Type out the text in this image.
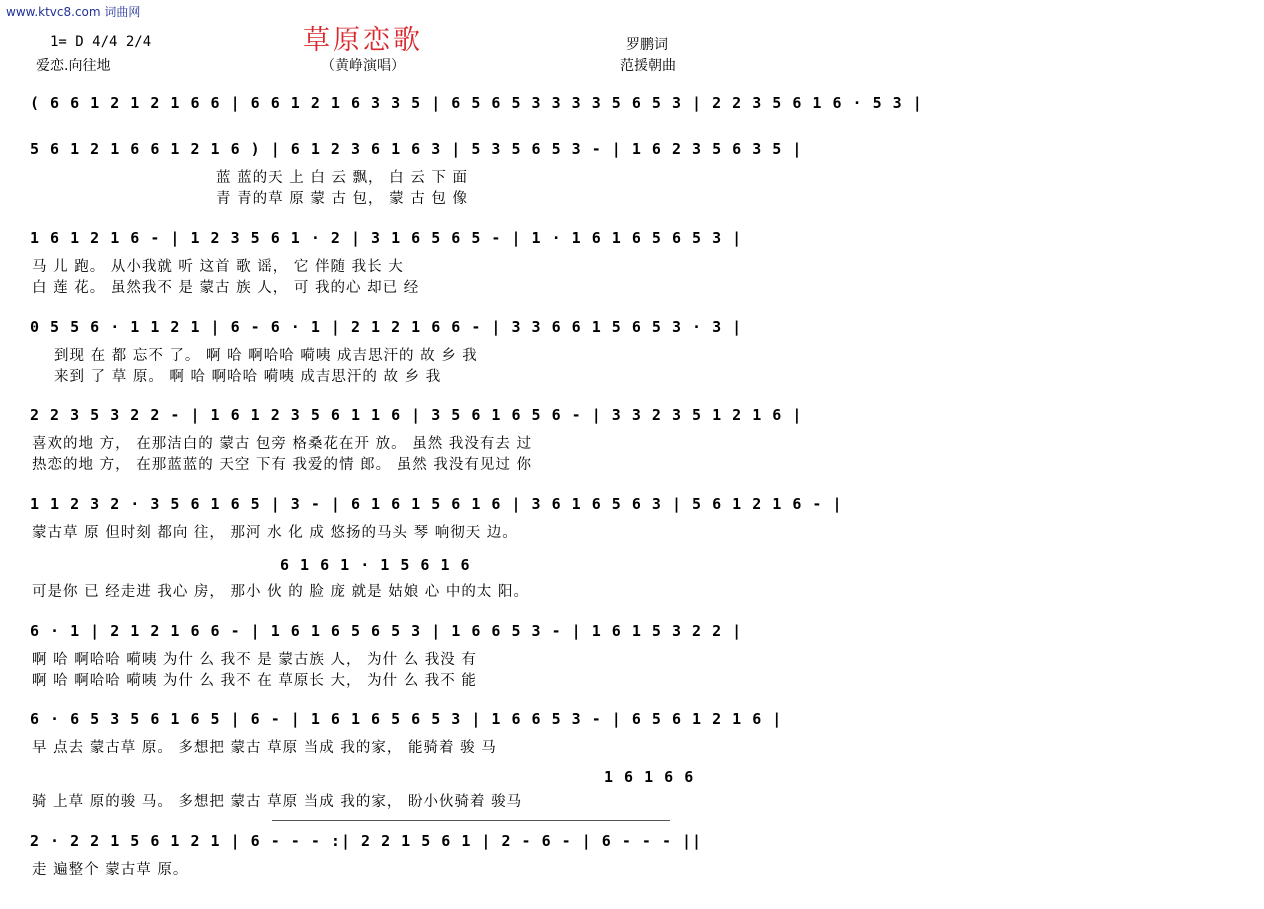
www.ktvc8.com 词曲网
草原恋歌
（黄峥演唱）
1= D 4/4 2/4
爱恋.向往地
罗鹏词
范援朝曲
( 6 6 1 2 1 2 1 6 6 | 6 6 1 2 1 6 3 3 5 | 6 5 6 5 3 3 3 3 5 6 5 3 | 2 2 3 5 6 1 6 · 5 3 |
5 6 1 2 1 6 6 1 2 1 6 ) | 6 1 2 3 6 1 6 3 | 5 3 5 6 5 3 - | 1 6 2 3 5 6 3 5 |
蓝 蓝的天 上 白 云 飘， 白 云 下 面
青 青的草 原 蒙 古 包， 蒙 古 包 像
1 6 1 2 1 6 - | 1 2 3 5 6 1 · 2 | 3 1 6 5 6 5 - | 1 · 1 6 1 6 5 6 5 3 |
马 儿 跑。 从小我就 听 这首 歌 谣， 它 伴随 我长 大
白 莲 花。 虽然我不 是 蒙古 族 人， 可 我的心 却已 经
0 5 5 6 · 1 1 2 1 | 6 - 6 · 1 | 2 1 2 1 6 6 - | 3 3 6 6 1 5 6 5 3 · 3 |
到现 在 都 忘不 了。 啊 哈 啊哈哈 嗬咦 成吉思汗的 故 乡 我
来到 了 草 原。 啊 哈 啊哈哈 嗬咦 成吉思汗的 故 乡 我
2 2 3 5 3 2 2 - | 1 6 1 2 3 5 6 1 1 6 | 3 5 6 1 6 5 6 - | 3 3 2 3 5 1 2 1 6 |
喜欢的地 方， 在那洁白的 蒙古 包旁 格桑花在开 放。 虽然 我没有去 过
热恋的地 方， 在那蓝蓝的 天空 下有 我爱的情 郎。 虽然 我没有见过 你
1 1 2 3 2 · 3 5 6 1 6 5 | 3 - | 6 1 6 1 5 6 1 6 | 3 6 1 6 5 6 3 | 5 6 1 2 1 6 - |
蒙古草 原 但时刻 都向 往， 那河 水 化 成 悠扬的马头 琴 响彻天 边。
6 1 6 1 · 1 5 6 1 6
可是你 已 经走进 我心 房， 那小 伙 的 脸 庞 就是 姑娘 心 中的太 阳。
6 · 1 | 2 1 2 1 6 6 - | 1 6 1 6 5 6 5 3 | 1 6 6 5 3 - | 1 6 1 5 3 2 2 |
啊 哈 啊哈哈 嗬咦 为什 么 我不 是 蒙古族 人， 为什 么 我没 有
啊 哈 啊哈哈 嗬咦 为什 么 我不 在 草原长 大， 为什 么 我不 能
6 · 6 5 3 5 6 1 6 5 | 6 - | 1 6 1 6 5 6 5 3 | 1 6 6 5 3 - | 6 5 6 1 2 1 6 |
早 点去 蒙古草 原。 多想把 蒙古 草原 当成 我的家， 能骑着 骏 马
1 6 1 6 6
骑 上草 原的骏 马。 多想把 蒙古 草原 当成 我的家， 盼小伙骑着 骏马
2 · 2 2 1 5 6 1 2 1 | 6 - - - :| 2 2 1 5 6 1 | 2 - 6 - | 6 - - - ||
走 遍整个 蒙古草 原。
